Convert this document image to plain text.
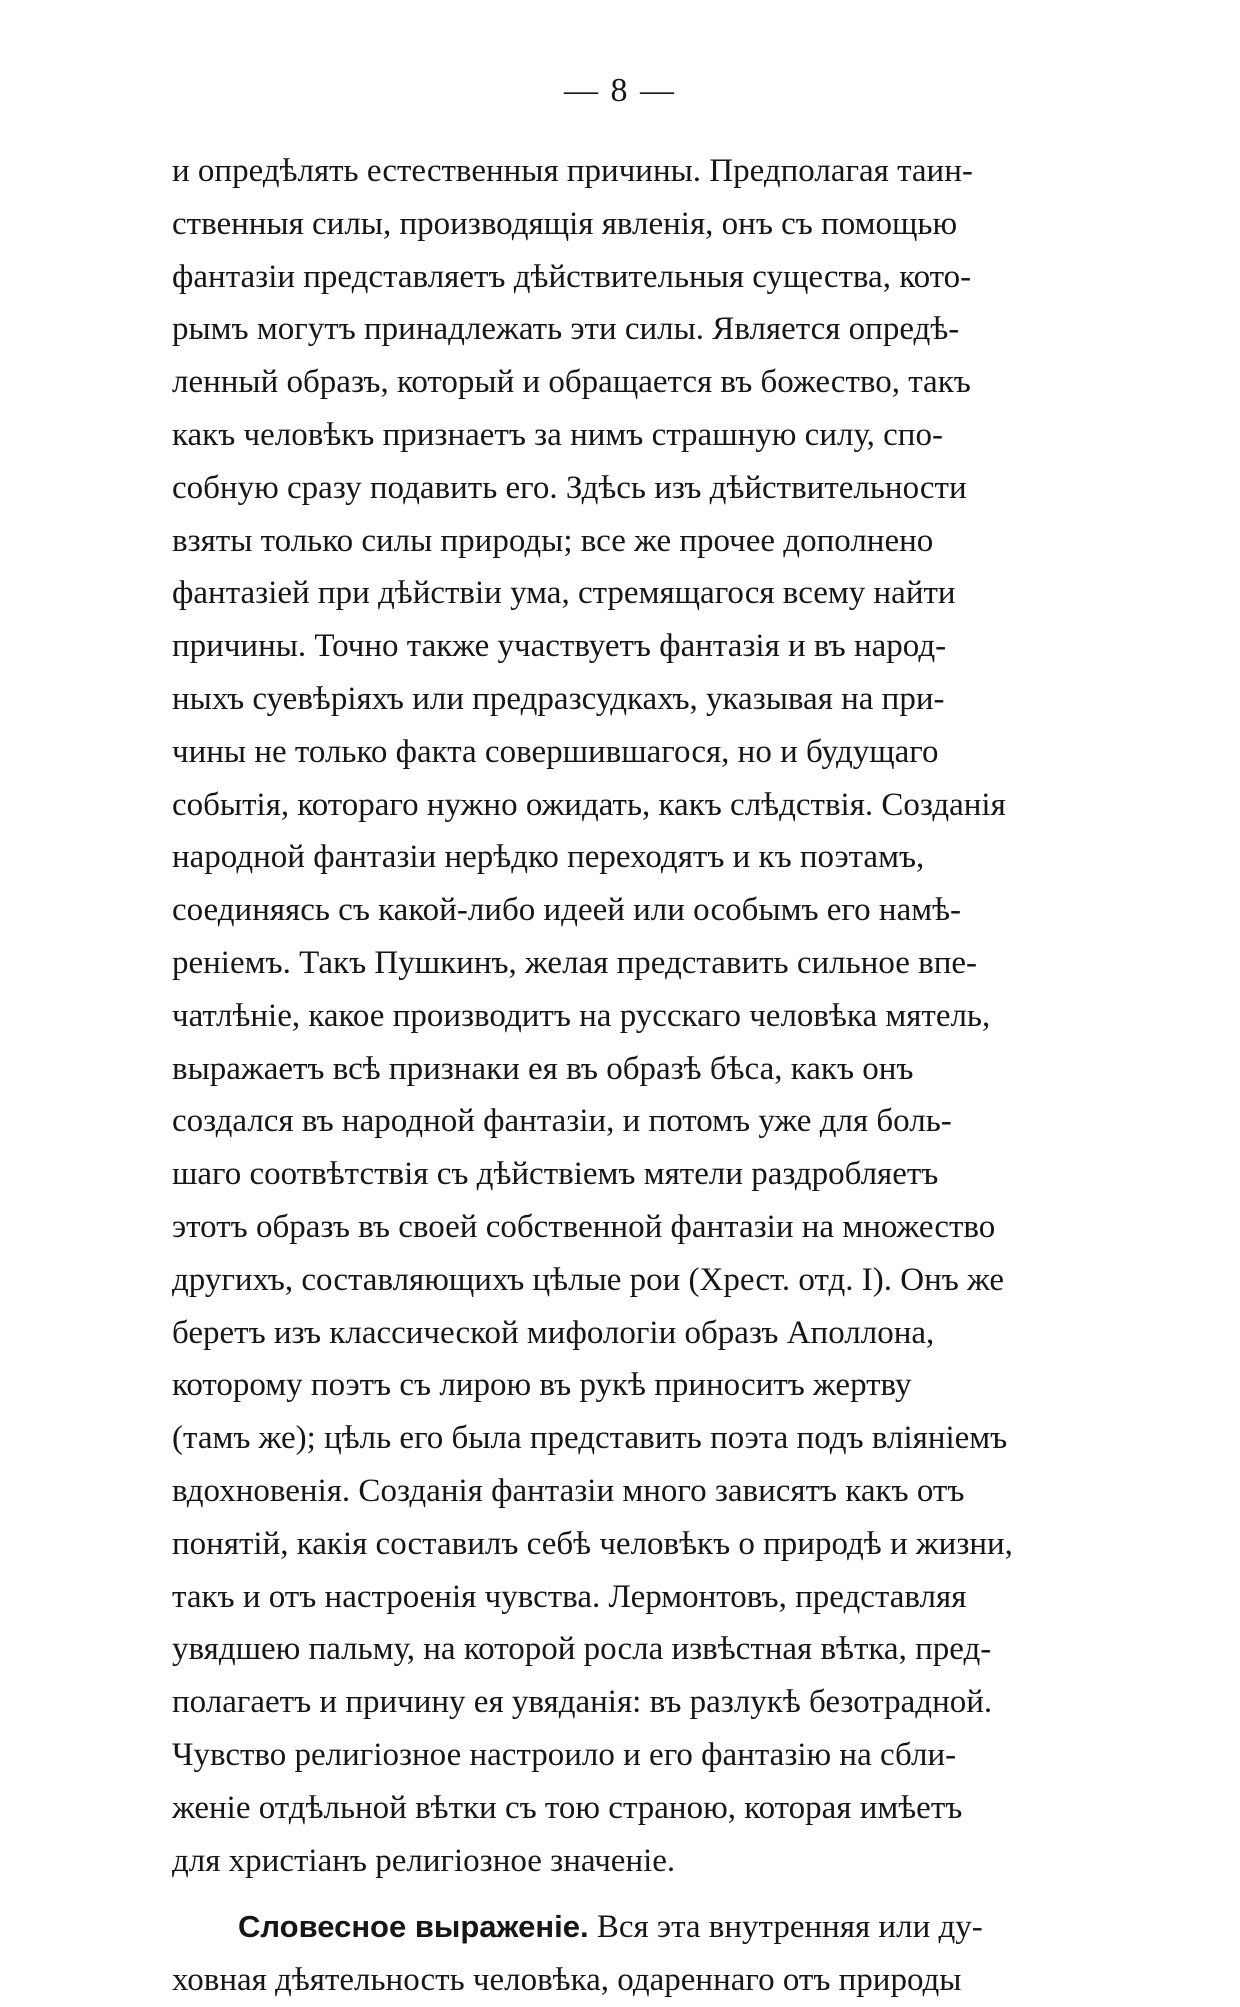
— 8 —
и опредѣлять естественныя причины. Предполагая таин-
ственныя силы, производящія явленія, онъ съ помощью
фантазіи представляетъ дѣйствительныя существа, кото-
рымъ могутъ принадлежать эти силы. Является опредѣ-
ленный образъ, который и обращается въ божество, такъ
какъ человѣкъ признаетъ за нимъ страшную силу, спо-
собную сразу подавить его. Здѣсь изъ дѣйствительности
взяты только силы природы; все же прочее дополнено
фантазіей при дѣйствіи ума, стремящагося всему найти
причины. Точно также участвуетъ фантазія и въ народ-
ныхъ суевѣріяхъ или предразсудкахъ, указывая на при-
чины не только факта совершившагося, но и будущаго
событія, котораго нужно ожидать, какъ слѣдствія. Созданія
народной фантазіи нерѣдко переходятъ и къ поэтамъ,
соединяясь съ какой-либо идеей или особымъ его намѣ-
реніемъ. Такъ Пушкинъ, желая представить сильное впе-
чатлѣніе, какое производитъ на русскаго человѣка мятель,
выражаетъ всѣ признаки ея въ образѣ бѣса, какъ онъ
создался въ народной фантазіи, и потомъ уже для боль-
шаго соотвѣтствія съ дѣйствіемъ мятели раздробляетъ
этотъ образъ въ своей собственной фантазіи на множество
другихъ, составляющихъ цѣлые рои (Хрест. отд. I). Онъ же
беретъ изъ классической мифологіи образъ Аполлона,
которому поэтъ съ лирою въ рукѣ приноситъ жертву
(тамъ же); цѣль его была представить поэта подъ вліяніемъ
вдохновенія. Созданія фантазіи много зависятъ какъ отъ
понятій, какія составилъ себѣ человѣкъ о природѣ и жизни,
такъ и отъ настроенія чувства. Лермонтовъ, представляя
увядшею пальму, на которой росла извѣстная вѣтка, пред-
полагаетъ и причину ея увяданія: въ разлукѣ безотрадной.
Чувство религіозное настроило и его фантазію на сбли-
женіе отдѣльной вѣтки съ тою страною, которая имѣетъ
для христіанъ религіозное значеніе.
Словесное выраженіе. Вся эта внутренняя или ду-
ховная дѣятельность человѣка, одареннаго отъ природы
